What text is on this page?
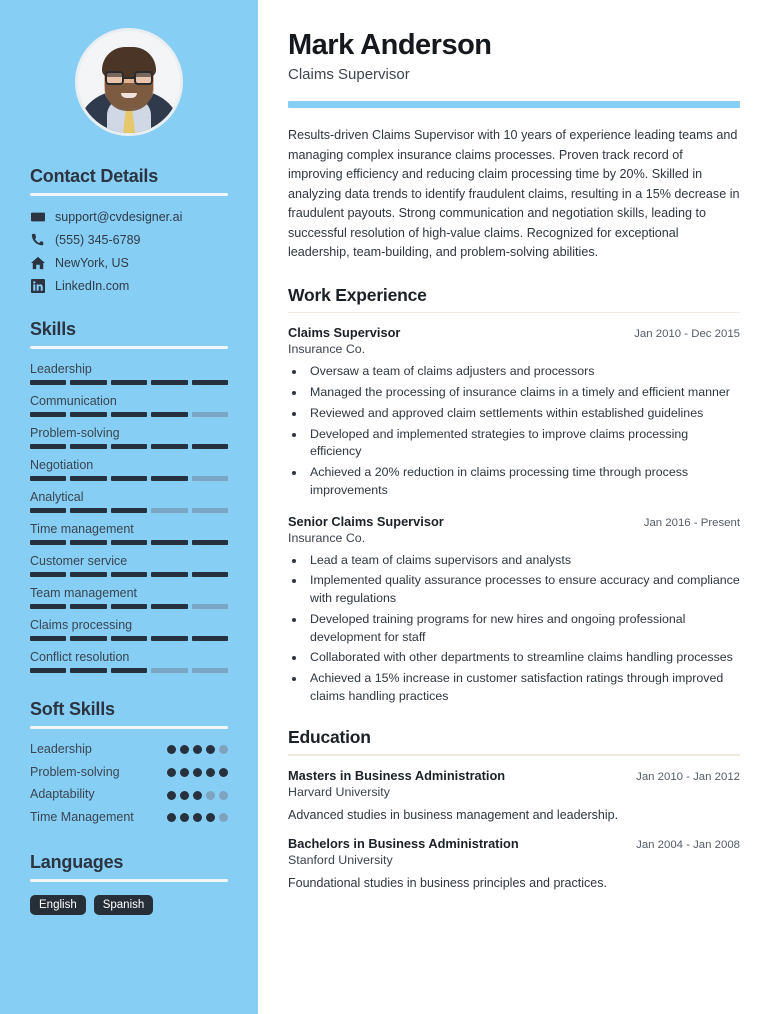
Contact Details
support@cvdesigner.ai
(555) 345-6789
NewYork, US
LinkedIn.com
Skills
Leadership
Communication
Problem-solving
Negotiation
Analytical
Time management
Customer service
Team management
Claims processing
Conflict resolution
Soft Skills
Leadership
Problem-solving
Adaptability
Time Management
Languages
English	Spanish
Mark Anderson
Claims Supervisor

Results-driven Claims Supervisor with 10 years of experience leading teams and managing complex insurance claims processes. Proven track record of improving efficiency and reducing claim processing time by 20%. Skilled in analyzing data trends to identify fraudulent claims, resulting in a 15% decrease in fraudulent payouts. Strong communication and negotiation skills, leading to successful resolution of high-value claims. Recognized for exceptional leadership, team-building, and problem-solving abilities.

Work Experience
Claims Supervisor	Jan 2010 - Dec 2015
Insurance Co.
• Oversaw a team of claims adjusters and processors
• Managed the processing of insurance claims in a timely and efficient manner
• Reviewed and approved claim settlements within established guidelines
• Developed and implemented strategies to improve claims processing efficiency
• Achieved a 20% reduction in claims processing time through process improvements
Senior Claims Supervisor	Jan 2016 - Present
Insurance Co.
• Lead a team of claims supervisors and analysts
• Implemented quality assurance processes to ensure accuracy and compliance with regulations
• Developed training programs for new hires and ongoing professional development for staff
• Collaborated with other departments to streamline claims handling processes
• Achieved a 15% increase in customer satisfaction ratings through improved claims handling practices
Education
Masters in Business Administration	Jan 2010 - Jan 2012
Harvard University
Advanced studies in business management and leadership.
Bachelors in Business Administration	Jan 2004 - Jan 2008
Stanford University
Foundational studies in business principles and practices.
